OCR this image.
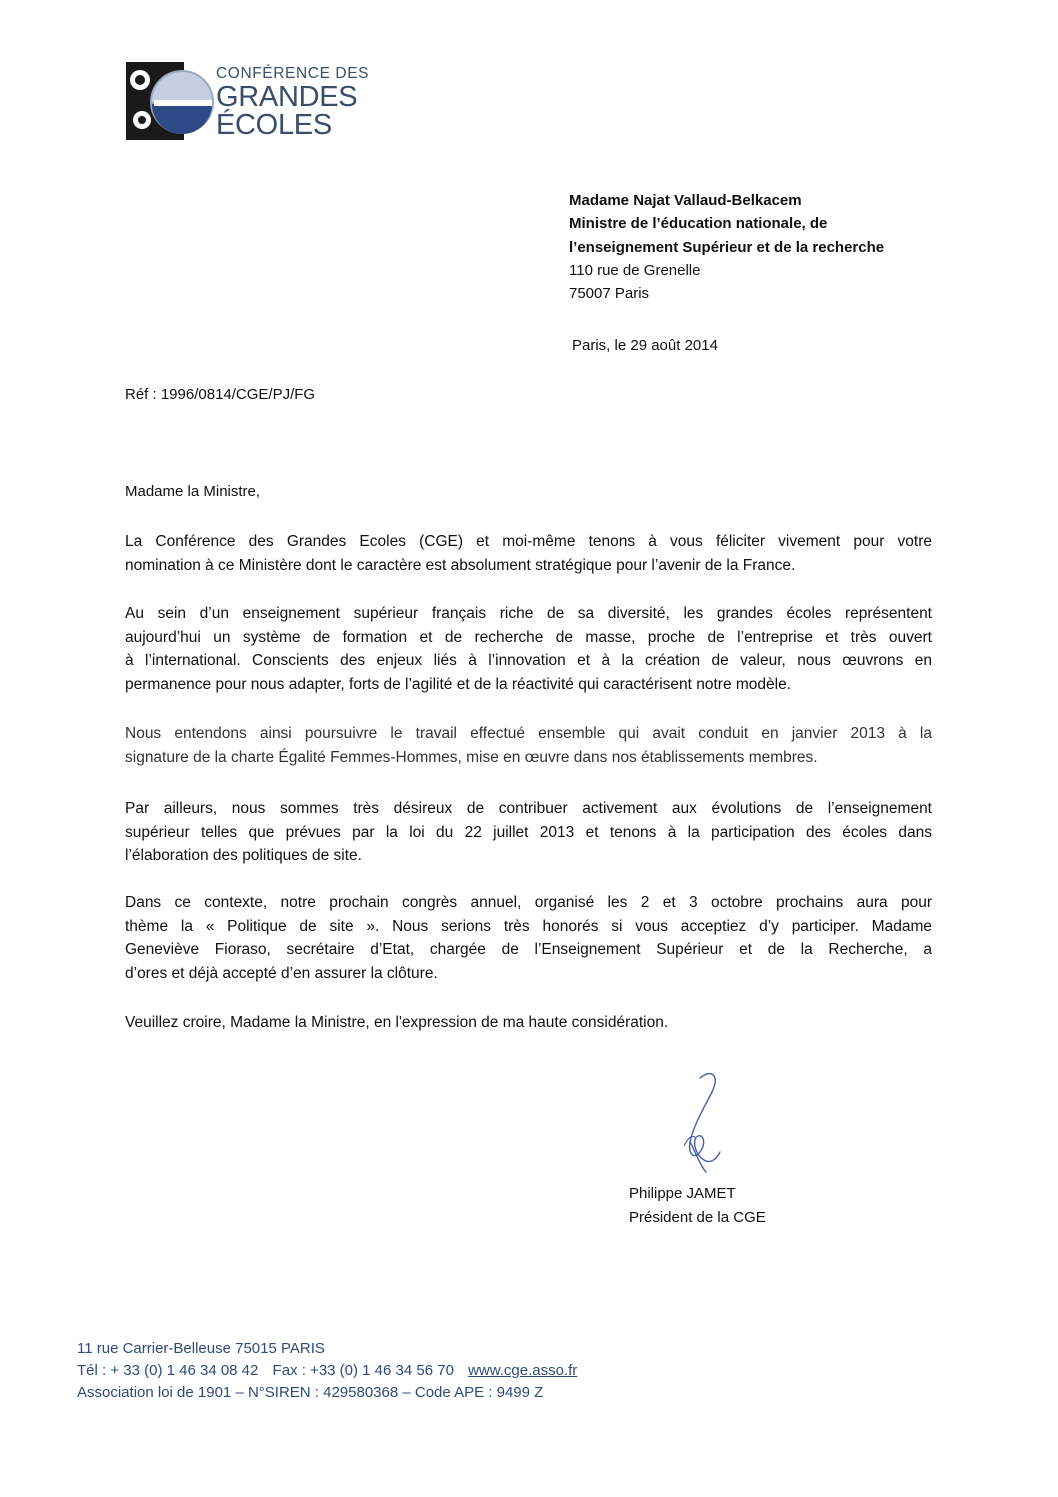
CONFÉRENCE DES
GRANDES
ÉCOLES
Madame Najat Vallaud-Belkacem
Ministre de l’éducation nationale, de
l’enseignement Supérieur et de la recherche
110 rue de Grenelle
75007 Paris
Paris, le 29 août 2014
Réf : 1996/0814/CGE/PJ/FG
Madame la Ministre,
La Conférence des Grandes Ecoles (CGE) et moi-même tenons à vous féliciter vivement pour votre
nomination à ce Ministère dont le caractère est absolument stratégique pour l’avenir de la France.
Au sein d’un enseignement supérieur français riche de sa diversité, les grandes écoles représentent
aujourd’hui un système de formation et de recherche de masse, proche de l’entreprise et très ouvert
à l’international. Conscients des enjeux liés à l’innovation et à la création de valeur, nous œuvrons en
permanence pour nous adapter, forts de l’agilité et de la réactivité qui caractérisent notre modèle.
Nous entendons ainsi poursuivre le travail effectué ensemble qui avait conduit en janvier 2013 à la
signature de la charte Égalité Femmes-Hommes, mise en œuvre dans nos établissements membres.
Par ailleurs, nous sommes très désireux de contribuer activement aux évolutions de l’enseignement
supérieur telles que prévues par la loi du 22 juillet 2013 et tenons à la participation des écoles dans
l’élaboration des politiques de site.
Dans ce contexte, notre prochain congrès annuel, organisé les 2 et 3 octobre prochains aura pour
thème la « Politique de site ». Nous serions très honorés si vous acceptiez d’y participer. Madame
Geneviève Fioraso, secrétaire d’Etat, chargée de l’Enseignement Supérieur et de la Recherche, a
d’ores et déjà accepté d’en assurer la clôture.
Veuillez croire, Madame la Ministre, en l'expression de ma haute considération.
Philippe JAMET
Président de la CGE
11 rue Carrier-Belleuse 75015 PARIS
Tél : + 33 (0) 1 46 34 08 42 Fax : +33 (0) 1 46 34 56 70 www.cge.asso.fr
Association loi de 1901 – N°SIREN : 429580368 – Code APE : 9499 Z
